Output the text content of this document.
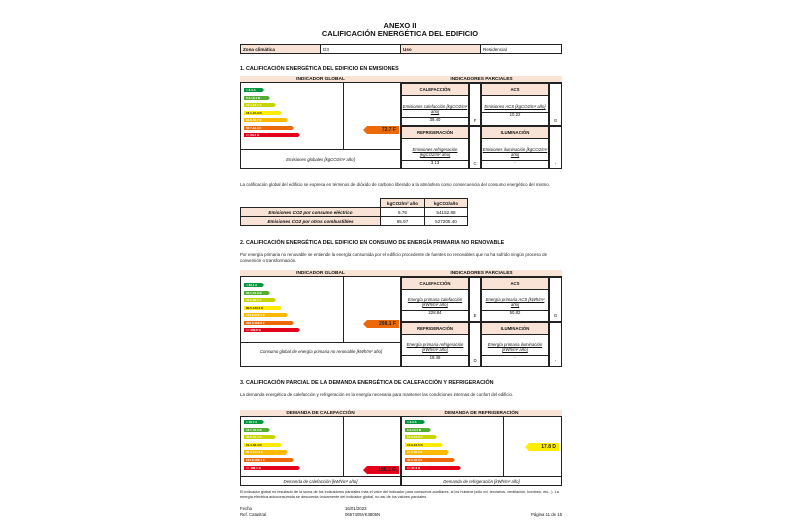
ANEXO II
CALIFICACIÓN ENERGÉTICA DEL EDIFICIO
Zona climática	D3	Uso	Residencial
1. CALIFICACIÓN ENERGÉTICA DEL EDIFICIO EN EMISIONES
INDICADOR GLOBAL
< 6.4 A
6.4-10.4 B
10.4-16.1 C
16.1-24.9 D
24.9-52.7 E
52.7-63.3 F
>= 63.3 G
72.7 F
Emisiones globales [kgCO2/m² año]
INDICADORES PARCIALES
CALEFACCIÓN
Emisiones calefacción [kgCO2/m² año]
39.40	F
ACS
Emisiones ACS [kgCO2/m² año]
10.22
G
REFRIGERACIÓN
Emisiones refrigeración [kgCO2/m² año]
3.13	C
ILUMINACIÓN
Emisiones iluminación [kgCO2/m² año]
-	-
La calificación global del edificio se expresa en términos de dióxido de carbono liberado a la atmósfera como consecuencia del consumo energético del mismo.
	kgCO2/m² año	kgCO2/año
Emisiones CO2 por consumo eléctrico	6.76	54152.88
Emisiones CO2 por otros combustibles	65.97	527205.40
2. CALIFICACIÓN ENERGÉTICA DEL EDIFICIO EN CONSUMO DE ENERGÍA PRIMARIA NO RENOVABLE
Por energía primaria no renovable se entiende la energía consumida por el edificio procedente de fuentes no renovables que no ha sufrido ningún proceso de conversión o transformación.
INDICADOR GLOBAL
< 32.1 A
32.1-51.9 B
51.9-80.5 C
80.5-123.9 D
123.9-222.3 E
222.3-269.8 F
>= 269.8 G
298.1 F
Consumo global de energía primaria no renovable [kWh/m² año]
INDICADORES PARCIALES
CALEFACCIÓN
Energía primaria calefacción [kWh/m² año]
228.84
E
ACS
Energía primaria ACS [kWh/m² año]
50.82
G
REFRIGERACIÓN
Energía primaria refrigeración [kWh/m² año]
18.48
D
ILUMINACIÓN
Energía primaria iluminación [kWh/m² año]
-
-
3. CALIFICACIÓN PARCIAL DE LA DEMANDA ENERGÉTICA DE CALEFACCIÓN Y REFRIGERACIÓN
La demanda energética de calefacción y refrigeración es la energía necesaria para mantener las condiciones internas de confort del edificio.
DEMANDA DE CALEFACCIÓN
< 16.7 A
16.7-31.0 B
31.0-51.4 C
51.4-82.4 D
82.4-154.8 E
154.8-186.1 F
>= 186.1 G	186.1 G
Demanda de calefacción [kWh/m² año]
DEMANDA DE REFRIGERACIÓN
< 6.3 A
6.3-10.3 B
10.3-15.9 C
15.9-24.5 D
24.5-30.2 E
30.2-37.3 F
>= 37.3 G
17.8 D
Demanda de refrigeración [kWh/m² año]
El indicador global es resultado de la suma de los indicadores parciales más el valor del indicador para consumos auxiliares, si los hubiera (sólo ed. terciarios, ventilación, bombeo, etc...). La energía eléctrica autoconsumida se descuenta únicamente del indicador global, no así de los valores parciales.
Fecha	16/01/2023
Ref. Catastral	0667405VK3806N	Página 11 de 15
